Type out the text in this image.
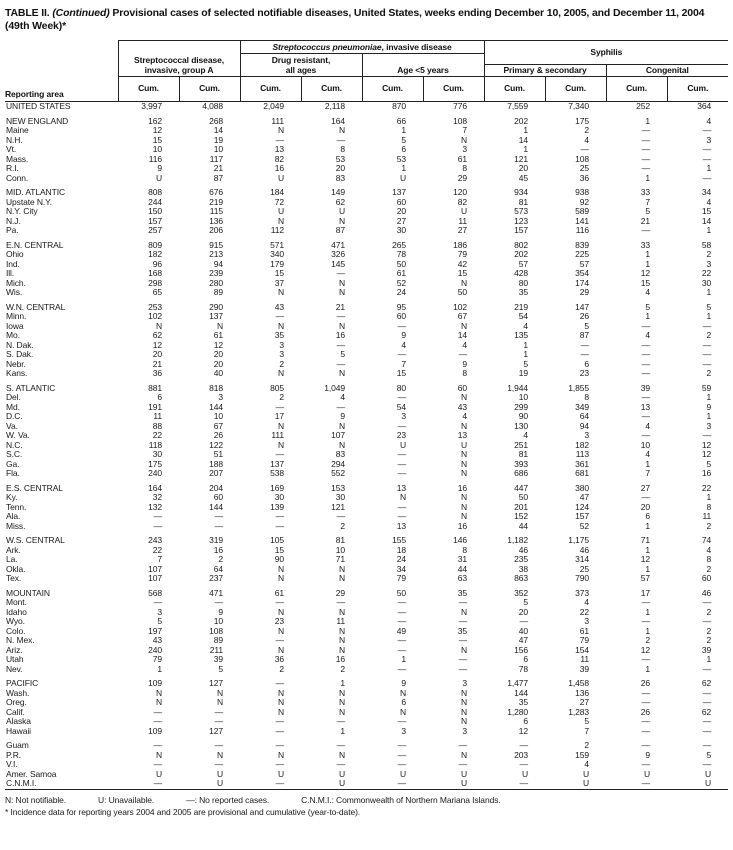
TABLE II. (Continued) Provisional cases of selected notifiable diseases, United States, weeks ending December 10, 2005, and December 11, 2004 (49th Week)*
Reporting area	Streptococcal disease,
invasive, group A		Streptococcus pneumoniae, invasive disease				Syphilis			
			Drug resistant,
all ages		Age <5 years					
							Primary & secondary		Congenital	
	Cum.	Cum.	Cum.	Cum.	Cum.	Cum.	Cum.	Cum.	Cum.	Cum.

UNITED STATES	3,997	4,088	2,049	2,118	870	776	7,559	7,340	252	364

NEW ENGLAND	162	268	111	164	66	108	202	175	1	4
Maine	12	14	N	N	1	7	1	2	—	—
N.H.	15	19	—	—	5	N	14	4	—	3
Vt.	10	10	13	8	6	3	1	—	—	—
Mass.	116	117	82	53	53	61	121	108	—	—
R.I.	9	21	16	20	1	8	20	25	—	1
Conn.	U	87	U	83	U	29	45	36	1	—

MID. ATLANTIC	808	676	184	149	137	120	934	938	33	34
Upstate N.Y.	244	219	72	62	60	82	81	92	7	4
N.Y. City	150	115	U	U	20	U	573	589	5	15
N.J.	157	136	N	N	27	11	123	141	21	14
Pa.	257	206	112	87	30	27	157	116	—	1

E.N. CENTRAL	809	915	571	471	265	186	802	839	33	58
Ohio	182	213	340	326	78	79	202	225	1	2
Ind.	96	94	179	145	50	42	57	57	1	3
Ill.	168	239	15	—	61	15	428	354	12	22
Mich.	298	280	37	N	52	N	80	174	15	30
Wis.	65	89	N	N	24	50	35	29	4	1

W.N. CENTRAL	253	290	43	21	95	102	219	147	5	5
Minn.	102	137	—	—	60	67	54	26	1	1
Iowa	N	N	N	N	—	N	4	5	—	—
Mo.	62	61	35	16	9	14	135	87	4	2
N. Dak.	12	12	3	—	4	4	1	—	—	—
S. Dak.	20	20	3	5	—	—	1	—	—	—
Nebr.	21	20	2	—	7	9	5	6	—	—
Kans.	36	40	N	N	15	8	19	23	—	2

S. ATLANTIC	881	818	805	1,049	80	60	1,944	1,855	39	59
Del.	6	3	2	4	—	N	10	8	—	1
Md.	191	144	—	—	54	43	299	349	13	9
D.C.	11	10	17	9	3	4	90	64	—	1
Va.	88	67	N	N	—	N	130	94	4	3
W. Va.	22	26	111	107	23	13	4	3	—	—
N.C.	118	122	N	N	U	U	251	182	10	12
S.C.	30	51	—	83	—	N	81	113	4	12
Ga.	175	188	137	294	—	N	393	361	1	5
Fla.	240	207	538	552	—	N	686	681	7	16

E.S. CENTRAL	164	204	169	153	13	16	447	380	27	22
Ky.	32	60	30	30	N	N	50	47	—	1
Tenn.	132	144	139	121	—	N	201	124	20	8
Ala.	—	—	—	—	—	N	152	157	6	11
Miss.	—	—	—	2	13	16	44	52	1	2

W.S. CENTRAL	243	319	105	81	155	146	1,182	1,175	71	74
Ark.	22	16	15	10	18	8	46	46	1	4
La.	7	2	90	71	24	31	235	314	12	8
Okla.	107	64	N	N	34	44	38	25	1	2
Tex.	107	237	N	N	79	63	863	790	57	60

MOUNTAIN	568	471	61	29	50	35	352	373	17	46
Mont.	—	—	—	—	—	—	5	4	—	—
Idaho	3	9	N	N	—	N	20	22	1	2
Wyo.	5	10	23	11	—	—	—	3	—	—
Colo.	197	108	N	N	49	35	40	61	1	2
N. Mex.	43	89	—	N	—	—	47	79	2	2
Ariz.	240	211	N	N	—	N	156	154	12	39
Utah	79	39	36	16	1	—	6	11	—	1
Nev.	1	5	2	2	—	—	78	39	1	—

PACIFIC	109	127	—	1	9	3	1,477	1,458	26	62
Wash.	N	N	N	N	N	N	144	136	—	—
Oreg.	N	N	N	N	6	N	35	27	—	—
Calif.	—	—	N	N	N	N	1,280	1,283	26	62
Alaska	—	—	—	—	—	N	6	5	—	—
Hawaii	109	127	—	1	3	3	12	7	—	—

Guam	—	—	—	—	—	—	—	2	—	—
P.R.	N	N	N	N	—	N	203	159	9	5
V.I.	—	—	—	—	—	—	—	4	—	—
Amer. Samoa	U	U	U	U	U	U	U	U	U	U
C.N.M.I.	—	U	—	U	—	U	—	U	—	U
N: Not notifiable.	U: Unavailable.	—: No reported cases.	C.N.M.I.: Commonwealth of Northern Mariana Islands.
* Incidence data for reporting years 2004 and 2005 are provisional and cumulative (year-to-date).
